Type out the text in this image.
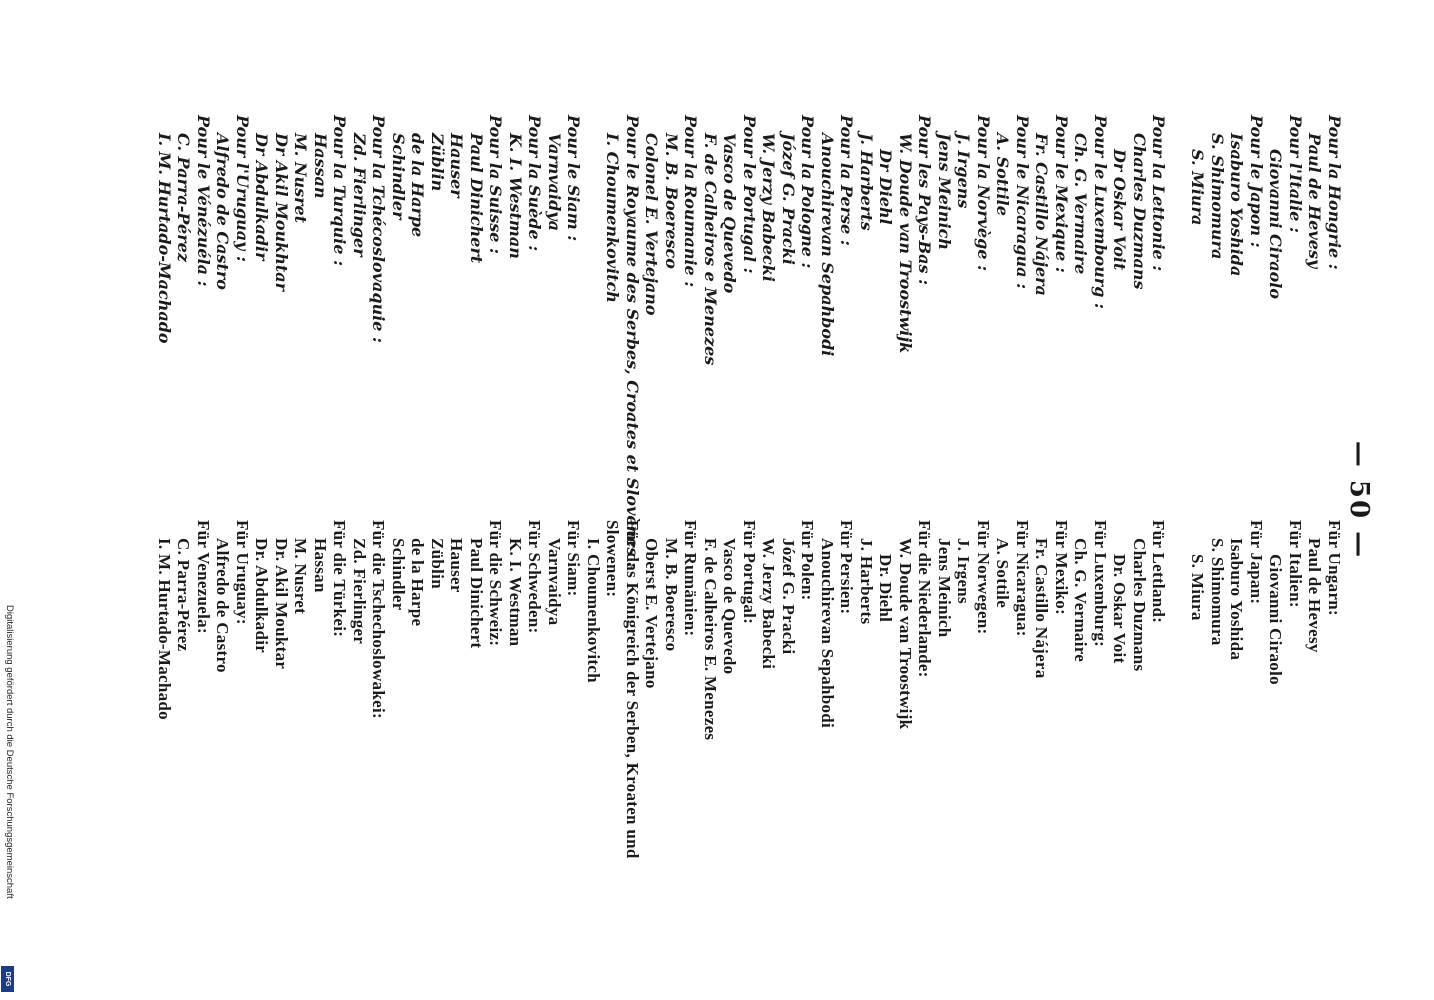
— 50 —
Pour la Hongrie :
Paul de Hevesy
Pour l'Italie :
Giovanni Ciraolo
Pour le Japon :
Isaburo Yoshida
S. Shimomura
S. Miura
Pour la Lettonie :
Charles Duzmans
Dr Oskar Voit
Pour le Luxembourg :
Ch. G. Vermaire
Pour le Mexique :
Fr. Castillo Nájera
Pour le Nicaragua :
A. Sottile
Pour la Norvège :
J. Irgens
Jens Meinich
Pour les Pays-Bas :
W. Doude van Troostwijk
Dr Diehl
J. Harberts
Pour la Perse :
Anouchirevan Sepahbodi
Pour la Pologne :
Józef G. Pracki
W. Jerzy Babecki
Pour le Portugal :
Vasco de Quevedo
F. de Calheiros e Menezes
Pour la Roumanie :
M. B. Boeresco
Colonel E. Vertejano
Pour le Royaume des Serbes, Croates et Slovènes :
I. Choumenkovitch
Pour le Siam :
Varnvaidya
Pour la Suède :
K. I. Westman
Pour la Suisse :
Paul Dinichert
Hauser
Züblin
de la Harpe
Schindler
Pour la Tchécoslovaquie :
Zd. Fierlinger
Pour la Turquie :
Hassan
M. Nusret
Dr Akil Moukhtar
Dr Abdulkadir
Pour l'Uruguay :
Alfredo de Castro
Pour le Vénézuéla :
C. Parra-Pérez
I. M. Hurtado-Machado
Für Ungarn:
Paul de Hevesy
Für Italien:
Giovanni Ciraolo
Für Japan:
Isaburo Yoshida
S. Shimomura
S. Miura
Für Lettland:
Charles Duzmans
Dr. Oskar Voit
Für Luxemburg:
Ch. G. Vermaire
Für Mexiko:
Fr. Castillo Nájera
Für Nicaragua:
A. Sottile
Für Norwegen:
J. Irgens
Jens Meinich
Für die Niederlande:
W. Doude van Troostwijk
Dr. Diehl
J. Harberts
Für Persien:
Anouchirevan Sepahbodi
Für Polen:
Józef G. Pracki
W. Jerzy Babecki
Für Portugal:
Vasco de Quevedo
F. de Calheiros E. Menezes
Für Rumänien:
M. B. Boeresco
Oberst E. Vertejano
Für das Königreich der Serben, Kroaten und
Slowenen:
I. Choumenkovitch
Für Siam:
Varnvaidya
Für Schweden:
K. I. Westman
Für die Schweiz:
Paul Dinichert
Hauser
Züblin
de la Harpe
Schindler
Für die Tschechoslowakei:
Zd. Fierlinger
Für die Türkei:
Hassan
M. Nusret
Dr. Akil Mouktar
Dr. Abdulkadir
Für Uruguay:
Alfredo de Castro
Für Venezuela:
C. Parra-Pérez
I. M. Hurtado-Machado
Digitalisierung gefördert durch die Deutsche Forschungsgemeinschaft
DFG
